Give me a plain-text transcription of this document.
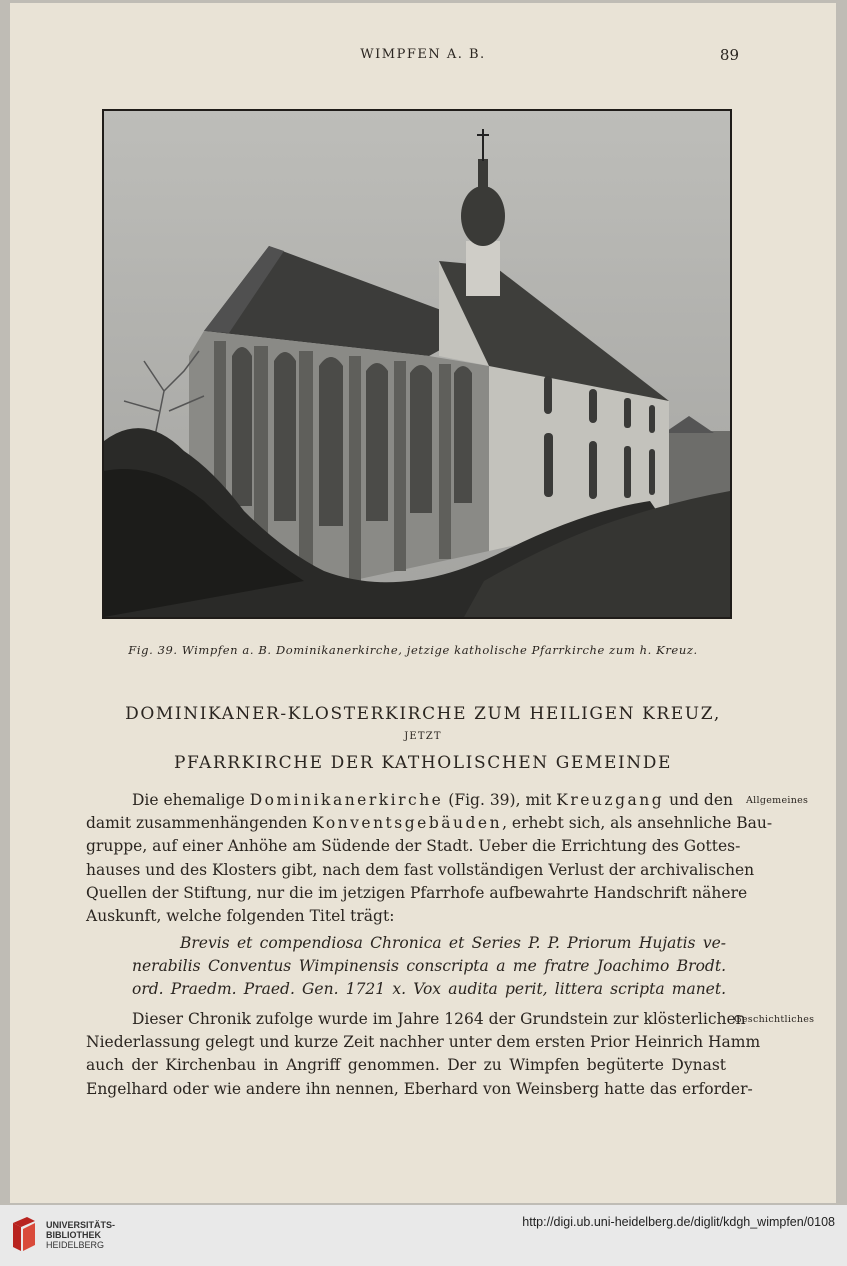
WIMPFEN A. B.	89
Fig. 39. Wimpfen a. B. Dominikanerkirche, jetzige katholische Pfarrkirche zum h. Kreuz.
DOMINIKANER-KLOSTERKIRCHE ZUM HEILIGEN KREUZ,
JETZT
PFARRKIRCHE DER KATHOLISCHEN GEMEINDE
Die ehemalige Dominikanerkirche (Fig. 39), mit Kreuzgang und den
damit zusammenhängenden Konventsgebäuden, erhebt sich, als ansehnliche Bau-
gruppe, auf einer Anhöhe am Südende der Stadt. Ueber die Errichtung des Gottes-
hauses und des Klosters gibt, nach dem fast vollständigen Verlust der archivalischen
Quellen der Stiftung, nur die im jetzigen Pfarrhofe aufbewahrte Handschrift nähere
Auskunft, welche folgenden Titel trägt:
Brevis et compendiosa Chronica et Series P. P. Priorum Hujatis ve-
nerabilis Conventus Wimpinensis conscripta a me fratre Joachimo Brodt.
ord. Praedm. Praed. Gen. 1721 x. Vox audita perit, littera scripta manet.
Dieser Chronik zufolge wurde im Jahre 1264 der Grundstein zur klösterlichen
Niederlassung gelegt und kurze Zeit nachher unter dem ersten Prior Heinrich Hamm
auch der Kirchenbau in Angriff genommen. Der zu Wimpfen begüterte Dynast
Engelhard oder wie andere ihn nennen, Eberhard von Weinsberg hatte das erforder-
Allgemeines
Geschichtliches
UNIVERSITÄTS-
BIBLIOTHEK
HEIDELBERG
http://digi.ub.uni-heidelberg.de/diglit/kdgh_wimpfen/0108
